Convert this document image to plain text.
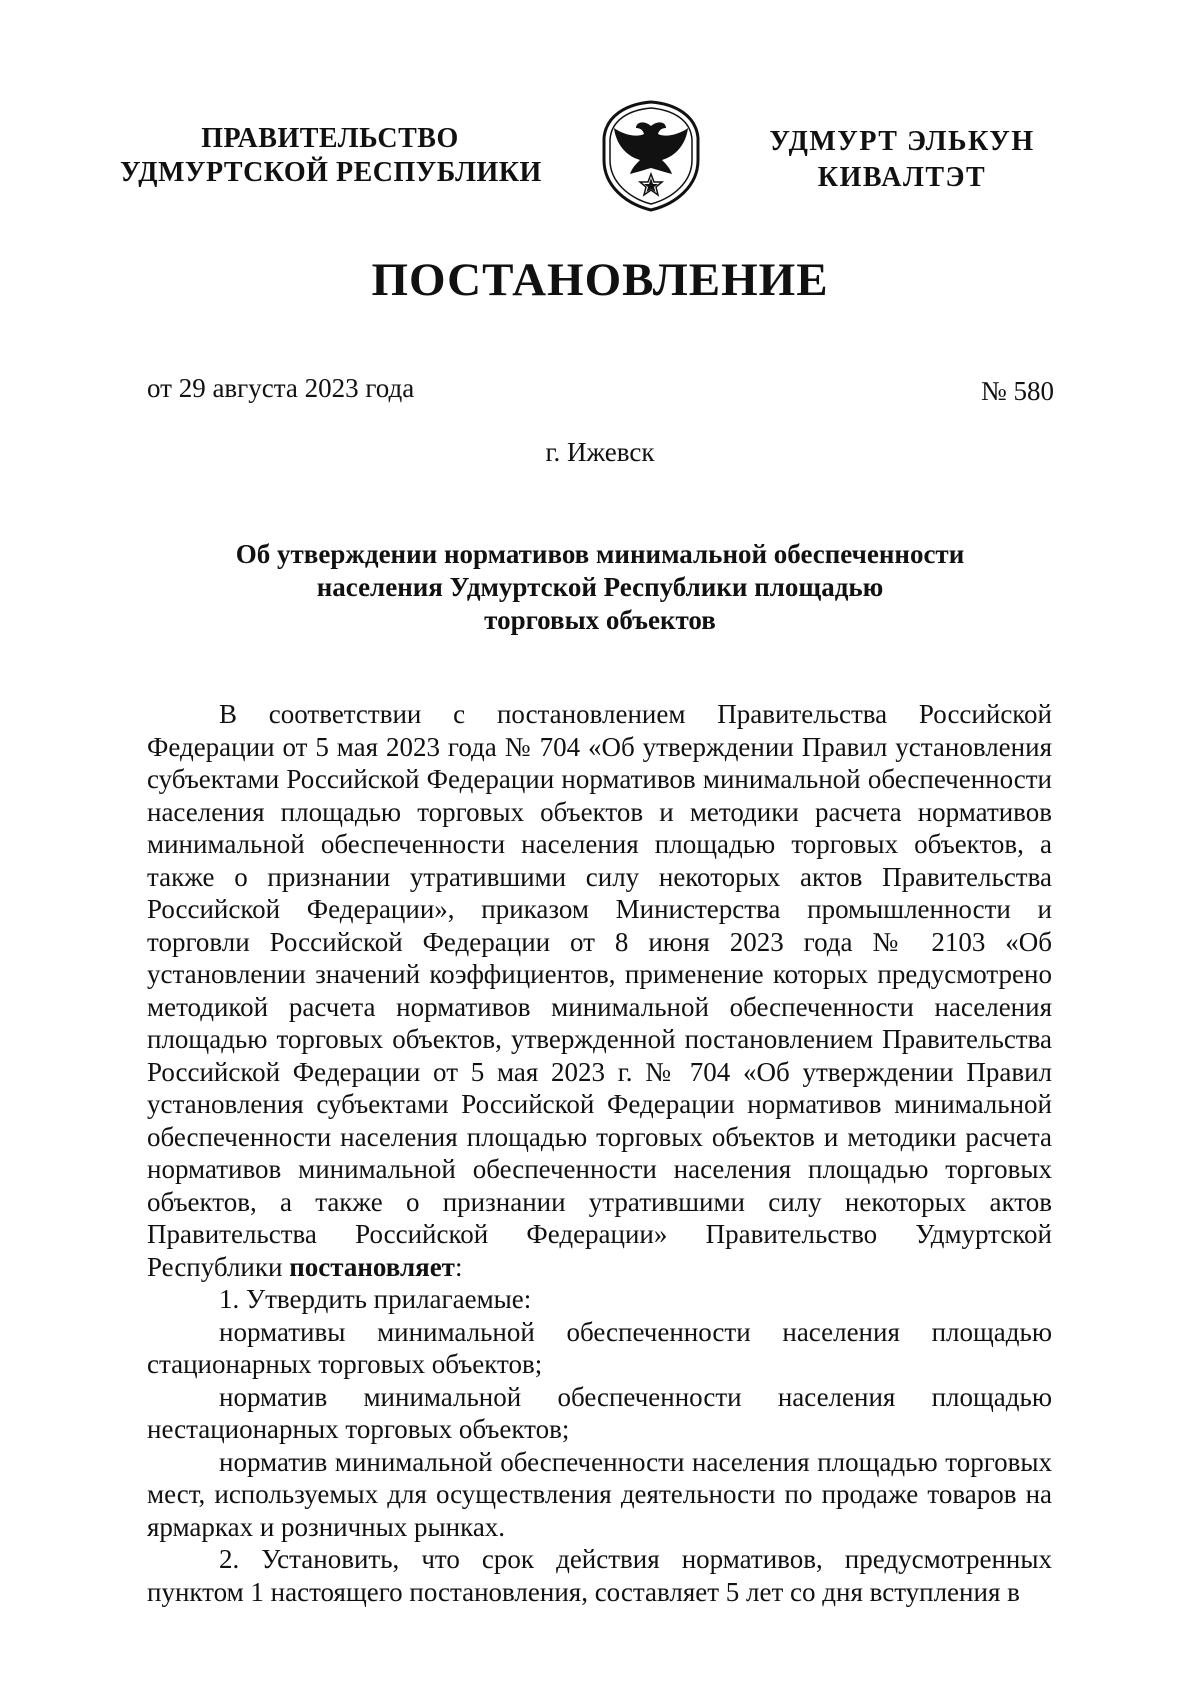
ПРАВИТЕЛЬСТВО
УДМУРТСКОЙ РЕСПУБЛИКИ
УДМУРТ ЭЛЬКУН
КИВАЛТЭТ
ПОСТАНОВЛЕНИЕ
от 29 августа 2023 года	№ 580
г. Ижевск
Об утверждении нормативов минимальной обеспеченности
населения Удмуртской Республики площадью
торговых объектов

В соответствии с постановлением Правительства Российской Федерации от 5 мая 2023 года № 704 «Об утверждении Правил установления субъектами Российской Федерации нормативов минимальной обеспеченности населения площадью торговых объектов и методики расчета нормативов минимальной обеспеченности населения площадью торговых объектов, а также о признании утратившими силу некоторых актов Правительства Российской Федерации», приказом Министерства промышленности и торговли Российской Федерации от 8 июня 2023 года № 2103 «Об установлении значений коэффициентов, применение которых предусмотрено методикой расчета нормативов минимальной обеспеченности населения площадью торговых объектов, утвержденной постановлением Правительства Российской Федерации от 5 мая 2023 г. № 704 «Об утверждении Правил установления субъектами Российской Федерации нормативов минимальной обеспеченности населения площадью торговых объектов и методики расчета нормативов минимальной обеспеченности населения площадью торговых объектов, а также о признании утратившими силу некоторых актов Правительства Российской Федерации» Правительство Удмуртской Республики постановляет:

1. Утвердить прилагаемые:

нормативы минимальной обеспеченности населения площадью стационарных торговых объектов;

норматив минимальной обеспеченности населения площадью нестационарных торговых объектов;

норматив минимальной обеспеченности населения площадью торговых мест, используемых для осуществления деятельности по продаже товаров на ярмарках и розничных рынках.

2. Установить, что срок действия нормативов, предусмотренных пунктом 1 настоящего постановления, составляет 5 лет со дня вступления в
